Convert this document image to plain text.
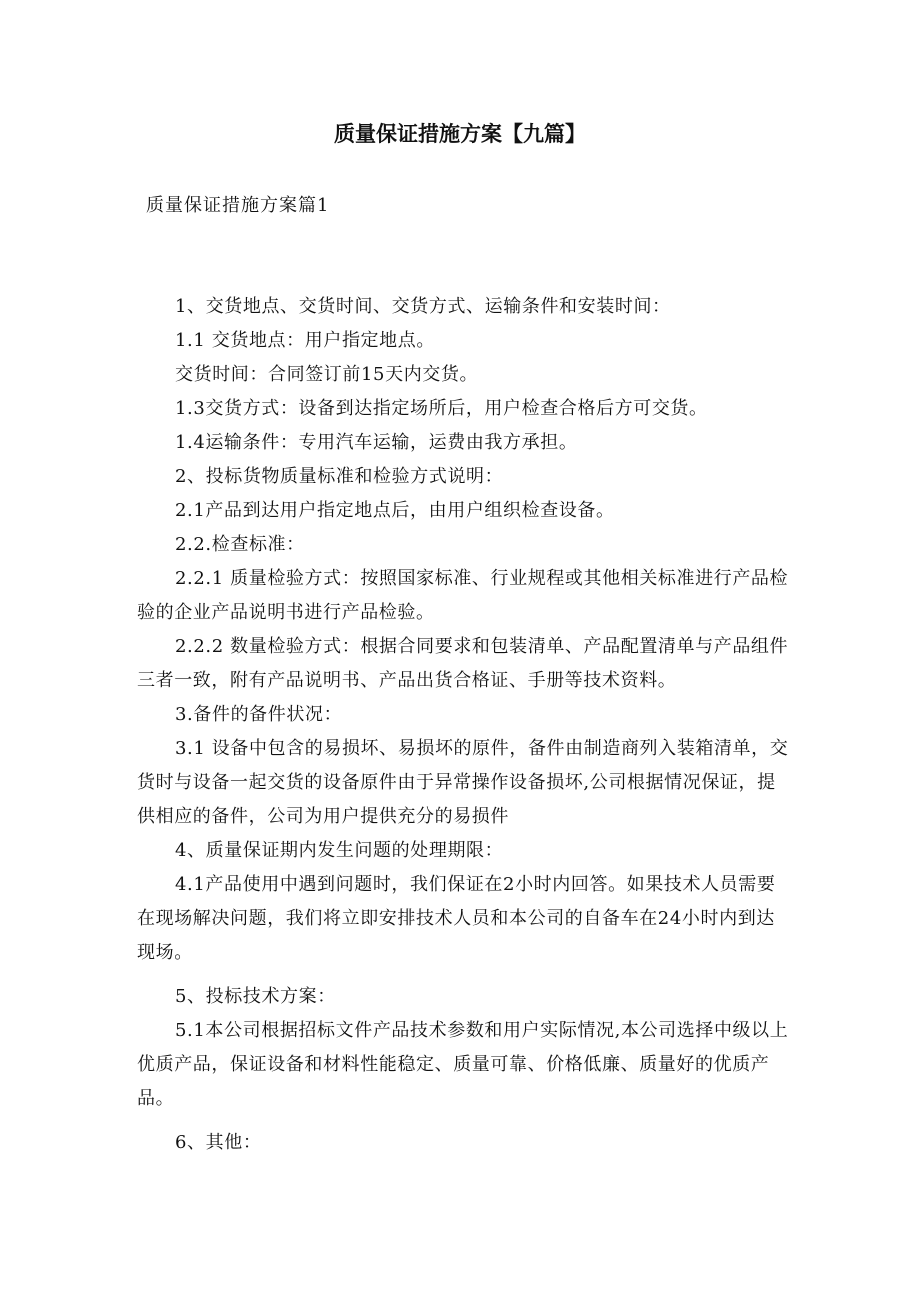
质量保证措施方案【九篇】
质量保证措施方案篇1

1、交货地点、交货时间、交货方式、运输条件和安装时间：

1.1 交货地点：用户指定地点。

交货时间：合同签订前15天内交货。

1.3交货方式：设备到达指定场所后，用户检查合格后方可交货。

1.4运输条件：专用汽车运输，运费由我方承担。

2、投标货物质量标准和检验方式说明：

2.1产品到达用户指定地点后，由用户组织检查设备。

2.2.检查标准：

2.2.1 质量检验方式：按照国家标准、行业规程或其他相关标准进行产品检验的企业产品说明书进行产品检验。

2.2.2 数量检验方式：根据合同要求和包装清单、产品配置清单与产品组件三者一致，附有产品说明书、产品出货合格证、手册等技术资料。

3.备件的备件状况：

3.1 设备中包含的易损坏、易损坏的原件，备件由制造商列入装箱清单，交货时与设备一起交货的设备原件由于异常操作设备损坏,公司根据情况保证，提供相应的备件，公司为用户提供充分的易损件

4、质量保证期内发生问题的处理期限：

4.1产品使用中遇到问题时，我们保证在2小时内回答。如果技术人员需要在现场解决问题，我们将立即安排技术人员和本公司的自备车在24小时内到达现场。

5、投标技术方案：

5.1本公司根据招标文件产品技术参数和用户实际情况,本公司选择中级以上优质产品，保证设备和材料性能稳定、质量可靠、价格低廉、质量好的优质产品。

6、其他：
